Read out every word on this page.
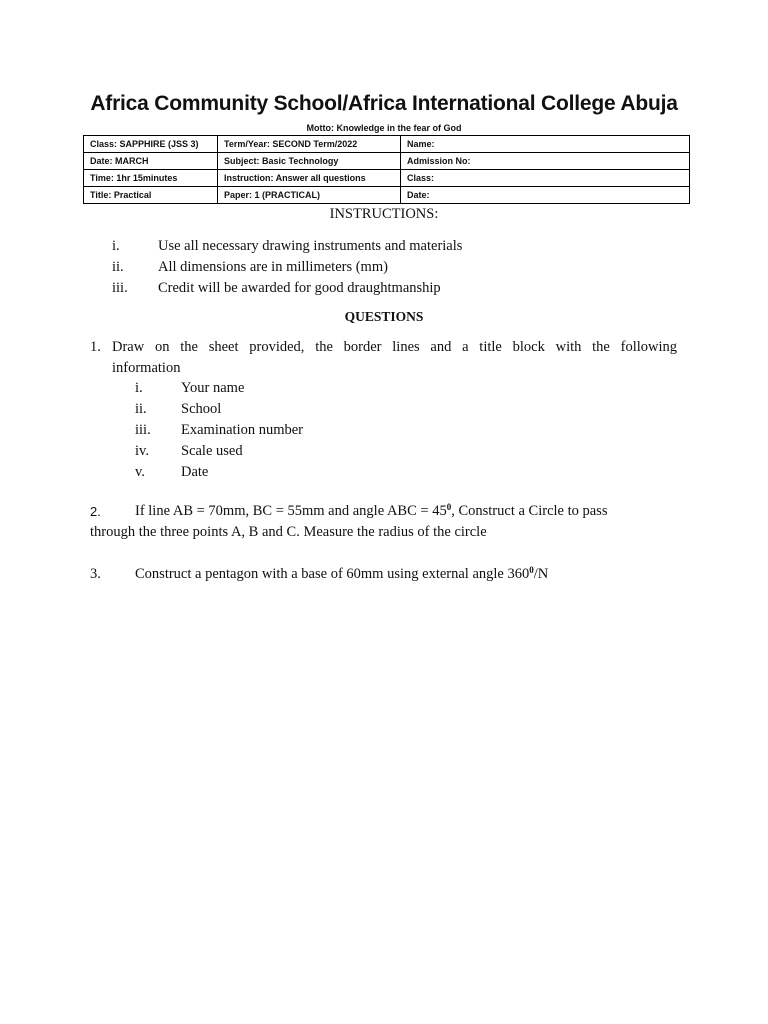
Africa Community School/Africa International College Abuja
Motto: Knowledge in the fear of God
Class: SAPPHIRE (JSS 3)	Term/Year: SECOND Term/2022	Name:
Date: MARCH	Subject: Basic Technology	Admission No:
Time: 1hr 15minutes	Instruction: Answer all questions	Class:
Title: Practical	Paper: 1 (PRACTICAL)	Date:
INSTRUCTIONS:
i.	Use all necessary drawing instruments and materials
ii. All dimensions are in millimeters (mm)
iii. Credit will be awarded for good draughtmanship
QUESTIONS
1. Draw on the sheet provided, the border lines and a title block with the following
information
i.	Your name
ii. School
iii. Examination number
iv. Scale used
v. Date
2. If line AB = 70mm, BC = 55mm and angle ABC = $45^0$, Construct a Circle to pass
through the three points A, B and C. Measure the radius of the circle
3. Construct a pentagon with a base of 60mm using external angle $360^0/N$
